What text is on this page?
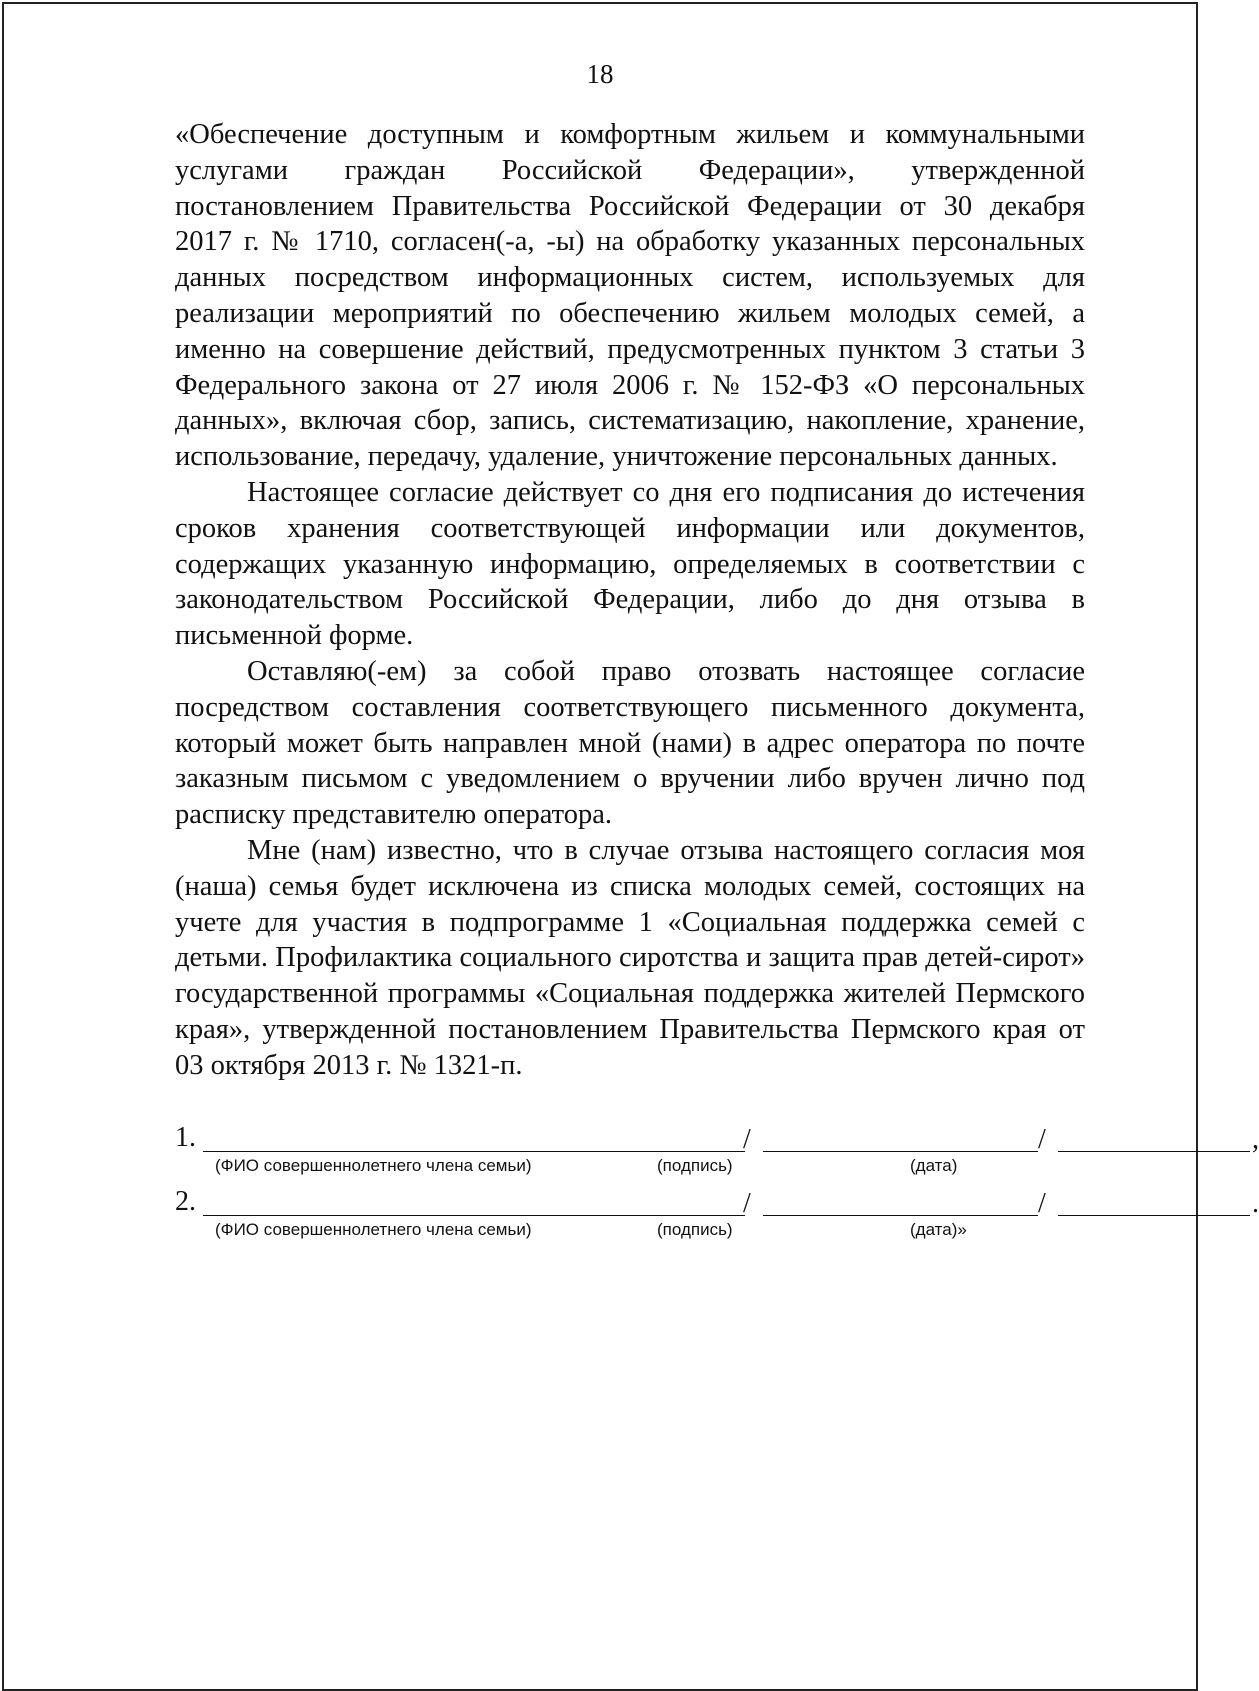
18

«Обеспечение доступным и комфортным жильем и коммунальными услугами граждан Российской Федерации», утвержденной постановлением Правительства Российской Федерации от 30 декабря 2017 г. № 1710, согласен(-а, -ы) на обработку указанных персональных данных посредством информационных систем, используемых для реализации мероприятий по обеспечению жильем молодых семей, а именно на совершение действий, предусмотренных пунктом 3 статьи 3 Федерального закона от 27 июля 2006 г. № 152-ФЗ «О персональных данных», включая сбор, запись, систематизацию, накопление, хранение, использование, передачу, удаление, уничтожение персональных данных.

Настоящее согласие действует со дня его подписания до истечения сроков хранения соответствующей информации или документов, содержащих указанную информацию, определяемых в соответствии с законодательством Российской Федерации, либо до дня отзыва в письменной форме.

Оставляю(-ем) за собой право отозвать настоящее согласие посредством составления соответствующего письменного документа, который может быть направлен мной (нами) в адрес оператора по почте заказным письмом с уведомлением о вручении либо вручен лично под расписку представителю оператора.

Мне (нам) известно, что в случае отзыва настоящего согласия моя (наша) семья будет исключена из списка молодых семей, состоящих на учете для участия в подпрограмме 1 «Социальная поддержка семей с детьми. Профилактика социального сиротства и защита прав детей-сирот» государственной программы «Социальная поддержка жителей Пермского края», утвержденной постановлением Правительства Пермского края от 03 октября 2013 г. № 1321-п.

1.	/	/	,
(ФИО совершеннолетнего члена семьи)	(подпись)	(дата)
2.	/	/	.
(ФИО совершеннолетнего члена семьи)	(подпись)	(дата)»
